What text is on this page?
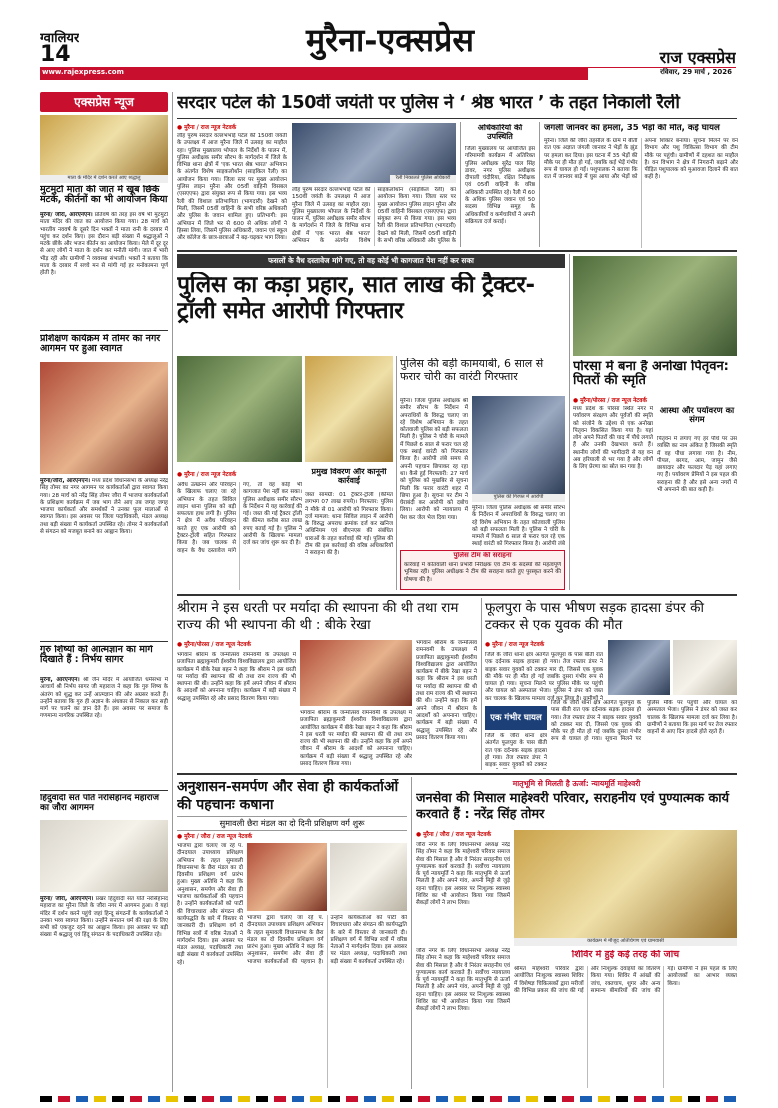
ग्वालियर
14	मुरैना-एक्सप्रेस	राज एक्सप्रेस
www.rajexpress.com	रविवार, 29 मार्च , 2026
एक्सप्रेस न्यूज
माता के मंदिर में दर्शन करते आए श्रद्धालु
मुटमुटो माता की जात में खूब छिके मटके, कीर्तनों का भी आयोजन किया
मुरैना/ जौरा, आरएनएन। प्रतिवर्ष की तरह इस वर्ष भी मुटमुटो माता मंदिर की जात का आयोजन किया गया। 28 मार्च को भारतीय नववर्ष के दूसरे दिन भक्तों ने माता रानी के दरबार में पहुंच कर दर्शन किए। इस दौरान बड़ी संख्या में श्रद्धालुओं ने मटके छीके और भजन कीर्तन का आयोजन किया। मेले में दूर दूर से आए लोगों ने माता के दर्शन कर मनौती मांगी। जात में भारी भीड़ रही और ग्रामीणों ने व्यवस्था संभाली। भक्तों ने बताया कि माता के दरबार में सच्चे मन से मांगी गई हर मनोकामना पूर्ण होती है।
प्रशिक्षण कार्यक्रम में तोमर का नगर आगमन पर हुआ स्वागत
मुरैना/जौरा, आरएनएन। मध्य प्रदेश विधानसभा के अध्यक्ष नरेंद्र सिंह तोमर का नगर आगमन पर कार्यकर्ताओं द्वारा स्वागत किया गया। 28 मार्च को नरेंद्र सिंह तोमर जौरा में भाजपा कार्यकर्ताओं के प्रशिक्षण कार्यक्रम में जब भाग लेने आए तब जगह जगह भाजपा कार्यकर्ता और समर्थकों ने उनका फूल मालाओं से स्वागत किया। इस अवसर पर जिला पदाधिकारी, मंडल अध्यक्ष तथा बड़ी संख्या में कार्यकर्ता उपस्थित रहे। तोमर ने कार्यकर्ताओं से संगठन को मजबूत बनाने का आह्वान किया।
गुरु शिष्यों को आत्मज्ञान का मार्ग दिखाते हैं : निर्भय सागर
मुरैना, आरएनएन। श्री जैन मंदिर में आयोजित धर्मसभा में आचार्य श्री निर्भय सागर जी महाराज ने कहा कि गुरु शिष्य के अंतरंग को शुद्ध कर उन्हें आत्मज्ञान की ओर अग्रसर करते हैं। उन्होंने बताया कि गुरु ही अज्ञान के अंधकार से निकाल कर सही मार्ग पर चलने का ज्ञान देते हैं। इस अवसर पर समाज के गणमान्य नागरिक उपस्थित रहे।
हिंदुवादी संत पति नरसिंहानंद महाराज का जौरा आगमन
मुरैना/ जौरा, आरएनएन। प्रखर हिंदुवादी संत यति नरसिंहानंद महाराज का मुरैना जिले के जौरा नगर में आगमन हुआ। वे यहां मंदिर में दर्शन करने पहुंचे जहां हिन्दू संगठनों के कार्यकर्ताओं ने उनका भव्य स्वागत किया। उन्होंने सनातन धर्म की रक्षा के लिए सभी को एकजुट रहने का आह्वान किया। इस अवसर पर बड़ी संख्या में श्रद्धालु एवं हिंदू संगठन के पदाधिकारी उपस्थित रहे।
सरदार पटेल की 150वीं जयंती पर पुलिस ने ‘ श्रेष्ठ भारत ’ के तहत निकाली रैली
● मुरैना / राज न्यूज नेटवर्क
लौह पुरुष सरदार वल्लभभाई पटेल की 150वीं जयंती के उपलक्ष्य में आज मुरैना जिले में उत्साह का माहौल रहा। पुलिस मुख्यालय भोपाल के निर्देशों के पालन में, पुलिस अधीक्षक समीर सौरभ के मार्गदर्शन में जिले के विभिन्न थाना क्षेत्रों में 'एक भारत श्रेष्ठ भारत' अभियान के अंतर्गत विशेष साइकलोथॉन (साइकिल रैली) का आयोजन किया गया। जिला स्तर पर मुख्य आयोजन पुलिस लाइन मुरैना और 05वीं वाहिनी विसबल (एसएएफ) द्वारा संयुक्त रूप से किया गया। इस भव्य रैली की विशाल प्रतिभागिता (भागदारी) देखने को मिली, जिसमें 05वीं वाहिनी के सभी वरिष्ठ अधिकारी और पुलिस के जवान शामिल हुए। प्रतिभागी: इस अभियान में जिले भर से 600 से अधिक लोगों ने हिस्सा लिया, जिसमें पुलिस अधिकारी, जवान एवं स्कूल और कॉलेज के छात्र-छात्राओं ने बढ़-चढ़कर भाग लिया।
रैली निकालते पुलिस अधिकारी
लौह पुरुष सरदार वल्लभभाई पटेल की 150वीं जयंती के उपलक्ष्य में आज मुरैना जिले में उत्साह का माहौल रहा। पुलिस मुख्यालय भोपाल के निर्देशों के पालन में, पुलिस अधीक्षक समीर सौरभ के मार्गदर्शन में जिले के विभिन्न थाना क्षेत्रों में 'एक भारत श्रेष्ठ भारत' अभियान के अंतर्गत विशेष साइकलोथॉन (साइकिल रैली) का आयोजन किया गया। जिला स्तर पर मुख्य आयोजन पुलिस लाइन मुरैना और 05वीं वाहिनी विसबल (एसएएफ) द्वारा संयुक्त रूप से किया गया। इस भव्य रैली की विशाल प्रतिभागिता (भागदारी) देखने को मिली, जिसमें 05वीं वाहिनी के सभी वरिष्ठ अधिकारी और पुलिस के
अधिकारियों की उपस्थिति
जिला मुख्यालय पर आयोजित इस गरिमामयी कार्यक्रम में अतिरिक्त पुलिस अधीक्षक सुरेंद्र पाल सिंह डावर, नगर पुलिस अधीक्षक दीपाली चंदौरिया, रक्षित निरीक्षक एवं 05वीं वाहिनी के वरिष्ठ अधिकारी उपस्थित रहे। रैली में 60 के अधिक पुलिस जवान एवं 50 सदस्य विभिन्न समूह के अधिकारियों व कर्मचारियों ने अपनी सक्रियता दर्ज कराई।
जंगली जानवर का हमला, 35 भेड़ों की मौत, कई घायल
मुरैना। जिले की जौरा तहसील के ग्राम में बीती रात एक अज्ञात जंगली जानवर ने भेड़ों के झुंड पर हमला कर दिया। इस घटना में 35 भेड़ों की मौके पर ही मौत हो गई, जबकि कई भेड़ें गंभीर रूप से घायल हो गईं। पशुपालक ने बताया कि रात में जानवर बाड़े में घुस आया और भेड़ों को अपना शिकार बनाया। सूचना मिलने पर वन विभाग और पशु चिकित्सा विभाग की टीम मौके पर पहुंची। ग्रामीणों में दहशत का माहौल है। वन विभाग ने क्षेत्र में निगरानी बढ़ाने और पीड़ित पशुपालक को मुआवजा दिलाने की बात कही है।
फसलों के वैध दस्तावेज मांगे गए, तो वह कोई भी कागजात पेश नहीं कर सका
पुलिस का कड़ा प्रहार, सात लाख की ट्रैक्टर-ट्रॉली समेत आरोपी गिरफ्तार
● मुरैना / राज न्यूज नेटवर्क
अवैध उत्खनन और परिवहन के खिलाफ चलाए जा रहे अभियान के तहत सिविल लाइन थाना पुलिस को बड़ी सफलता हाथ लगी है। पुलिस ने क्षेत्र में अवैध परिवहन करते हुए एक आरोपी को ट्रैक्टर-ट्रॉली सहित गिरफ्तार किया है। जब चालक से वाहन के वैध दस्तावेज मांगे गए, तो वह कोई भी कागजात पेश नहीं कर सका। पुलिस अधीक्षक समीर सौरभ के निर्देशन में यह कार्रवाई की गई। जब्त की गई ट्रैक्टर ट्रॉली की कीमत करीब सात लाख रुपए बताई गई है। पुलिस ने आरोपी के खिलाफ मामला दर्ज कर जांच शुरू कर दी है।
प्रमुख विवरण और कानूनी कार्रवाई
जब्त सामग्री: 01 ट्रैक्टर-ट्रॉली (कीमत लगभग 07 लाख रुपये)। गिरफ्तार: पुलिस ने मौके से 01 आरोपी को गिरफ्तार किया। दर्ज मामला: थाना सिविल लाइन में आरोपी के विरुद्ध अपराध क्रमांक दर्ज कर खनिज अधिनियम एवं बीएनएस की संबंधित धाराओं के तहत कार्रवाई की गई। पुलिस की टीम की इस कार्रवाई की वरिष्ठ अधिकारियों ने सराहना की है।
पुलिस की बड़ी कामयाबी, 6 साल से फरार चोरी का वारंटी गिरफ्तार
पुलिस की गिरफ्त में आरोपी
मुरैना। जिला पुलिस अधीक्षक श्री समीर सौरभ के निर्देशन में अपराधियों के विरुद्ध चलाए जा रहे विशेष अभियान के तहत कोतवाली पुलिस को बड़ी सफलता मिली है। पुलिस ने चोरी के मामले में पिछले 6 साल से फरार चल रहे एक स्थाई वारंटी को गिरफ्तार किया है। आरोपी लंबे समय से अपनी पहचान छिपाकर रह रहा था। कैसे हुई गिरफ्तारी: 27 मार्च को पुलिस को मुखबिर से सूचना मिली कि फरार वारंटी शहर में छिपा हुआ है। सूचना पर टीम ने घेराबंदी कर आरोपी को दबोच लिया। आरोपी को न्यायालय में पेश कर जेल भेज दिया गया।
मुरैना। जिला पुलिस अधीक्षक श्री समीर सौरभ के निर्देशन में अपराधियों के विरुद्ध चलाए जा रहे विशेष अभियान के तहत कोतवाली पुलिस को बड़ी सफलता मिली है। पुलिस ने चोरी के मामले में पिछले 6 साल से फरार चल रहे एक स्थाई वारंटी को गिरफ्तार किया है। आरोपी लंबे
पुलिस टीम की सराहना
कार्रवाई में कोतवाली थाना प्रभारी निरीक्षक एवं टीम के सदस्यों की महत्वपूर्ण भूमिका रही। पुलिस अधीक्षक ने टीम की सराहना करते हुए पुरस्कृत करने की घोषणा की है।
पोरसा में बना है अनोखा पितृवन: पितरों की स्मृति
● मुरैना/पोरसा / राज न्यूज नेटवर्क
मध्य प्रदेश के पोरसा स्थित नगर में पर्यावरण संरक्षण और पूर्वजों की स्मृति को संजोने के उद्देश्य से एक अनोखा पितृवन विकसित किया गया है। यहां लोग अपने पितरों की याद में पौधे लगाते हैं और उनकी देखभाल करते हैं। स्थानीय लोगों की भागीदारी से यह वन अब हरियाली से भर गया है और लोगों के लिए प्रेरणा का स्रोत बन गया है।
आस्था और पर्यावरण का संगम
पितृवन में लगाए गए हर पौधे पर उस व्यक्ति का नाम अंकित है जिसकी स्मृति में वह पौधा लगाया गया है। नीम, पीपल, बरगद, आम, जामुन जैसे छायादार और फलदार पेड़ यहां लगाए गए हैं। पर्यावरण प्रेमियों ने इस पहल की सराहना की है और इसे अन्य नगरों में भी अपनाने की बात कही है।
श्रीराम ने इस धरती पर मर्यादा की स्थापना की थी तथा राम राज्य की भी स्थापना की थी : बीके रेखा
● मुरैना/पोरसा / राज न्यूज नेटवर्क
भगवान श्रीराम के जन्मोत्सव रामनवमी के उपलक्ष्य में प्रजापिता ब्रह्माकुमारी ईश्वरीय विश्वविद्यालय द्वारा आयोजित कार्यक्रम में बीके रेखा बहन ने कहा कि श्रीराम ने इस धरती पर मर्यादा की स्थापना की थी तथा राम राज्य की भी स्थापना की थी। उन्होंने कहा कि हमें अपने जीवन में श्रीराम के आदर्शों को अपनाना चाहिए। कार्यक्रम में बड़ी संख्या में श्रद्धालु उपस्थित रहे और प्रसाद वितरण किया गया।
भगवान श्रीराम के जन्मोत्सव रामनवमी के उपलक्ष्य में प्रजापिता ब्रह्माकुमारी ईश्वरीय विश्वविद्यालय द्वारा आयोजित कार्यक्रम में बीके रेखा बहन ने कहा कि श्रीराम ने इस धरती पर मर्यादा की स्थापना की थी तथा राम राज्य की भी स्थापना की थी। उन्होंने कहा कि हमें अपने जीवन में श्रीराम के आदर्शों को अपनाना चाहिए। कार्यक्रम में बड़ी संख्या में श्रद्धालु उपस्थित रहे और प्रसाद वितरण किया गया।
भगवान श्रीराम के जन्मोत्सव रामनवमी के उपलक्ष्य में प्रजापिता ब्रह्माकुमारी ईश्वरीय विश्वविद्यालय द्वारा आयोजित कार्यक्रम में बीके रेखा बहन ने कहा कि श्रीराम ने इस धरती पर मर्यादा की स्थापना की थी तथा राम राज्य की भी स्थापना की थी। उन्होंने कहा कि हमें अपने जीवन में श्रीराम के आदर्शों को अपनाना चाहिए। कार्यक्रम में बड़ी संख्या में श्रद्धालु उपस्थित रहे और प्रसाद वितरण किया गया।
फूलपुरा के पास भीषण सड़क हादसा डंपर की टक्कर से एक युवक की मौत
● मुरैना / राज न्यूज नेटवर्क
जिले के जौरा थाना क्षेत्र अंतर्गत फूलपुरा के पास बीती रात एक दर्दनाक सड़क हादसा हो गया। तेज रफ्तार डंपर ने बाइक सवार युवकों को टक्कर मार दी, जिससे एक युवक की मौके पर ही मौत हो गई जबकि दूसरा गंभीर रूप से घायल हो गया। सूचना मिलने पर पुलिस मौके पर पहुंची और घायल को अस्पताल भेजा। पुलिस ने डंपर को जब्त कर चालक के खिलाफ मामला दर्ज कर लिया है। ग्रामीणों ने
एक गंभीर घायल
जिले के जौरा थाना क्षेत्र अंतर्गत फूलपुरा के पास बीती रात एक दर्दनाक सड़क हादसा हो गया। तेज रफ्तार डंपर ने बाइक सवार युवकों को टक्कर मार दी, जिससे एक युवक की मौके पर ही मौत हो गई जबकि दूसरा गंभीर रूप से घायल हो गया। सूचना मिलने पर पुलिस मौके पर पहुंची और घायल को अस्पताल भेजा। पुलिस ने डंपर को जब्त कर चालक के खिलाफ मामला दर्ज कर लिया है। ग्रामीणों ने बताया कि इस मार्ग पर तेज रफ्तार वाहनों से आए दिन हादसे होते रहते हैं।
जिले के जौरा थाना क्षेत्र अंतर्गत फूलपुरा के पास बीती रात एक दर्दनाक सड़क हादसा हो गया। तेज रफ्तार डंपर ने बाइक सवार युवकों को टक्कर
अनुशासन-समर्पण और सेवा ही कार्यकर्ताओं की पहचानः कषाना
सुमावली छैरा मंडल का दो दिनी प्रशिक्षण वर्ग शुरू
● मुरैना / जौरा / राज न्यूज नेटवर्क
भाजपा द्वारा चलाए जा रहे पं. दीनदयाल उपाध्याय प्रशिक्षण अभियान के तहत सुमावली विधानसभा के छैरा मंडल का दो दिवसीय प्रशिक्षण वर्ग प्रारंभ हुआ। मुख्य अतिथि ने कहा कि अनुशासन, समर्पण और सेवा ही भाजपा कार्यकर्ताओं की पहचान है। उन्होंने कार्यकर्ताओं को पार्टी की विचारधारा और संगठन की कार्यपद्धति के बारे में विस्तार से जानकारी दी। प्रशिक्षण वर्ग में विभिन्न सत्रों में वरिष्ठ नेताओं ने मार्गदर्शन दिया। इस अवसर पर मंडल अध्यक्ष, पदाधिकारी तथा बड़ी संख्या में कार्यकर्ता उपस्थित रहे।
भाजपा द्वारा चलाए जा रहे पं. दीनदयाल उपाध्याय प्रशिक्षण अभियान के तहत सुमावली विधानसभा के छैरा मंडल का दो दिवसीय प्रशिक्षण वर्ग प्रारंभ हुआ। मुख्य अतिथि ने कहा कि अनुशासन, समर्पण और सेवा ही भाजपा कार्यकर्ताओं की पहचान है। उन्होंने कार्यकर्ताओं को पार्टी की विचारधारा और संगठन की कार्यपद्धति के बारे में विस्तार से जानकारी दी। प्रशिक्षण वर्ग में विभिन्न सत्रों में वरिष्ठ नेताओं ने मार्गदर्शन दिया। इस अवसर पर मंडल अध्यक्ष, पदाधिकारी तथा बड़ी संख्या में कार्यकर्ता उपस्थित रहे।
मातृभूमि से मिलती है ऊर्जा: न्यायमूर्ति माहेश्वरी
जनसेवा की मिसाल माहेश्वरी परिवार, सराहनीय एवं पुण्यात्मक कार्य करवाते हैं : नरेंद्र सिंह तोमर
● मुरैना / जौरा / राज न्यूज नेटवर्क
जौरा नगर के लिए विधानसभा अध्यक्ष नरेंद्र सिंह तोमर ने कहा कि माहेश्वरी परिवार समाज सेवा की मिसाल है और वे निरंतर सराहनीय एवं पुण्यात्मक कार्य करवाते हैं। सर्वोच्च न्यायालय के पूर्व न्यायमूर्ति ने कहा कि मातृभूमि से ऊर्जा मिलती है और अपने गांव, अपनी मिट्टी से जुड़े रहना चाहिए। इस अवसर पर निःशुल्क स्वास्थ्य शिविर का भी आयोजन किया गया जिसमें सैकड़ों लोगों ने लाभ लिया।
कार्यक्रम में मौजूद अतिथिगण एवं ग्रामवासी
जौरा नगर के लिए विधानसभा अध्यक्ष नरेंद्र सिंह तोमर ने कहा कि माहेश्वरी परिवार समाज सेवा की मिसाल है और वे निरंतर सराहनीय एवं पुण्यात्मक कार्य करवाते हैं। सर्वोच्च न्यायालय के पूर्व न्यायमूर्ति ने कहा कि मातृभूमि से ऊर्जा मिलती है और अपने गांव, अपनी मिट्टी से जुड़े रहना चाहिए। इस अवसर पर निःशुल्क स्वास्थ्य शिविर का भी आयोजन किया गया जिसमें सैकड़ों लोगों ने लाभ लिया।
शिविर में हुई कई तरह की जांच
श्रीमंत माहेश्वरी परिवार द्वारा आयोजित निःशुल्क स्वास्थ्य शिविर में विशेषज्ञ चिकित्सकों द्वारा मरीजों की विभिन्न प्रकार की जांच की गई और निःशुल्क दवाइयों का वितरण किया गया। शिविर में आंखों की जांच, रक्तचाप, शुगर और अन्य सामान्य बीमारियों की जांच की गई। ग्रामीणों ने इस पहल के लिए आयोजकों का आभार व्यक्त किया।
